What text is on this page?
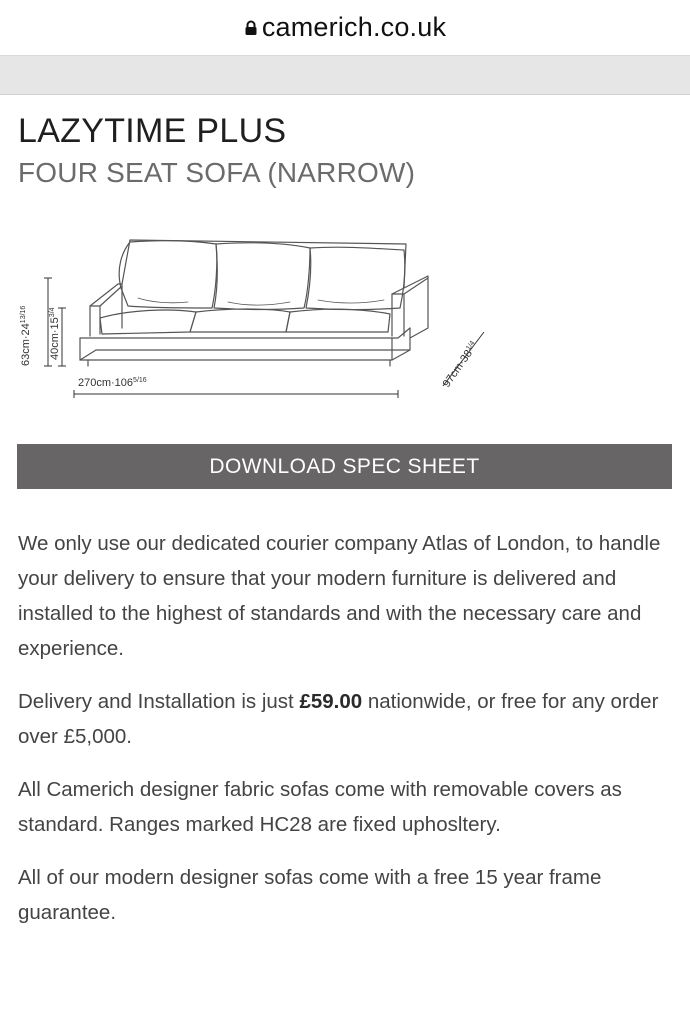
camerich.co.uk
LAZYTIME PLUS
FOUR SEAT SOFA (NARROW)
$63cm\cdot 24^{13/16}$
$40cm\cdot 15^{3/4}$
$270cm\cdot 106^{5/16}$	$97cm\cdot 38^{1/4}$
DOWNLOAD SPEC SHEET

We only use our dedicated courier company Atlas of London, to handle your delivery to ensure that your modern furniture is delivered and installed to the highest of standards and with the necessary care and experience.

Delivery and Installation is just £59.00 nationwide, or free for any order over £5,000.

All Camerich designer fabric sofas come with removable covers as standard. Ranges marked HC28 are fixed uphosltery.

All of our modern designer sofas come with a free 15 year frame guarantee.
